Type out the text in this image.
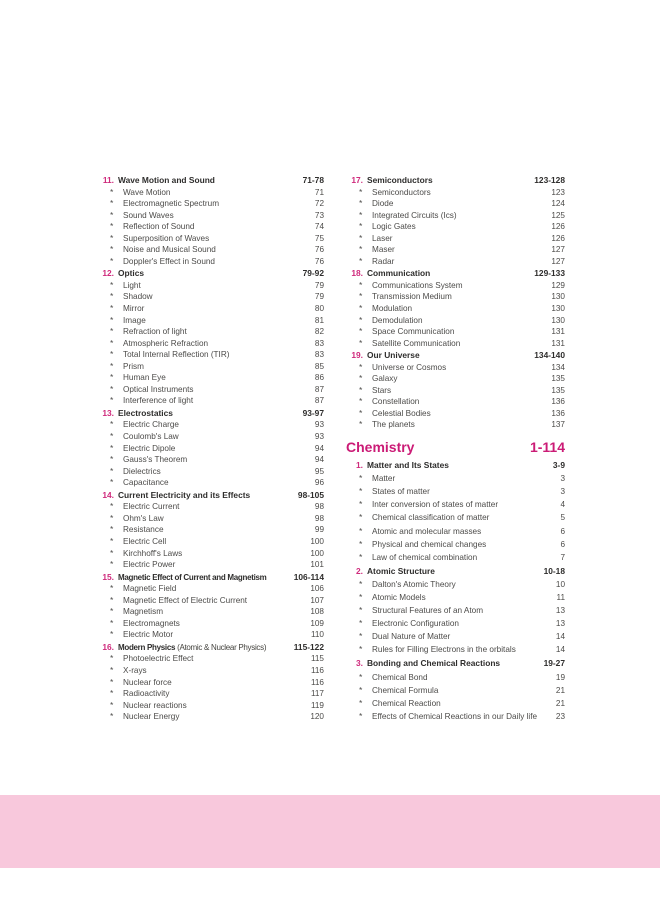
11. Wave Motion and Sound	71-78
*	Wave Motion	71
*	Electromagnetic Spectrum	72
*	Sound Waves	73
*	Reflection of Sound	74
*	Superposition of Waves	75
*	Noise and Musical Sound	76
*	Doppler's Effect in Sound	76
12. Optics	79-92
*	Light	79
*	Shadow	79
*	Mirror	80
*	Image	81
*	Refraction of light	82
*	Atmospheric Refraction	83
*	Total Internal Reflection (TIR)	83
*	Prism	85
*	Human Eye	86
*	Optical Instruments	87
*	Interference of light	87
13. Electrostatics	93-97
*	Electric Charge	93
*	Coulomb's Law	93
*	Electric Dipole	94
*	Gauss's Theorem	94
*	Dielectrics	95
*	Capacitance	96
14. Current Electricity and its Effects	98-105
*	Electric Current	98
*	Ohm's Law	98
*	Resistance	99
*	Electric Cell	100
*	Kirchhoff's Laws	100
*	Electric Power	101
15. Magnetic Effect of Current and Magnetism	106-114
*	Magnetic Field	106
*	Magnetic Effect of Electric Current	107
*	Magnetism	108
*	Electromagnets	109
*	Electric Motor	110
16. Modern Physics (Atomic & Nuclear Physics)	115-122
*	Photoelectric Effect	115
*	X-rays	116
*	Nuclear force	116
*	Radioactivity	117
*	Nuclear reactions	119
*	Nuclear Energy	120
17. Semiconductors	123-128
*	Semiconductors	123
*	Diode	124
*	Integrated Circuits (Ics)	125
*	Logic Gates	126
*	Laser	126
*	Maser	127
*	Radar	127
18. Communication	129-133
*	Communications System	129
*	Transmission Medium	130
*	Modulation	130
*	Demodulation	130
*	Space Communication	131
*	Satellite Communication	131
19. Our Universe	134-140
*	Universe or Cosmos	134
*	Galaxy	135
*	Stars	135
*	Constellation	136
*	Celestial Bodies	136
*	The planets	137
Chemistry	1-114
1. Matter and Its States	3-9
*	Matter	3
*	States of matter	3
*	Inter conversion of states of matter	4
*	Chemical classification of matter	5
*	Atomic and molecular masses	6
*	Physical and chemical changes	6
*	Law of chemical combination	7
2. Atomic Structure	10-18
*	Dalton's Atomic Theory	10
*	Atomic Models	11
*	Structural Features of an Atom	13
*	Electronic Configuration	13
*	Dual Nature of Matter	14
*	Rules for Filling Electrons in the orbitals	14
3. Bonding and Chemical Reactions	19-27
*	Chemical Bond	19
*	Chemical Formula	21
*	Chemical Reaction	21
*	Effects of Chemical Reactions in our Daily life	23
